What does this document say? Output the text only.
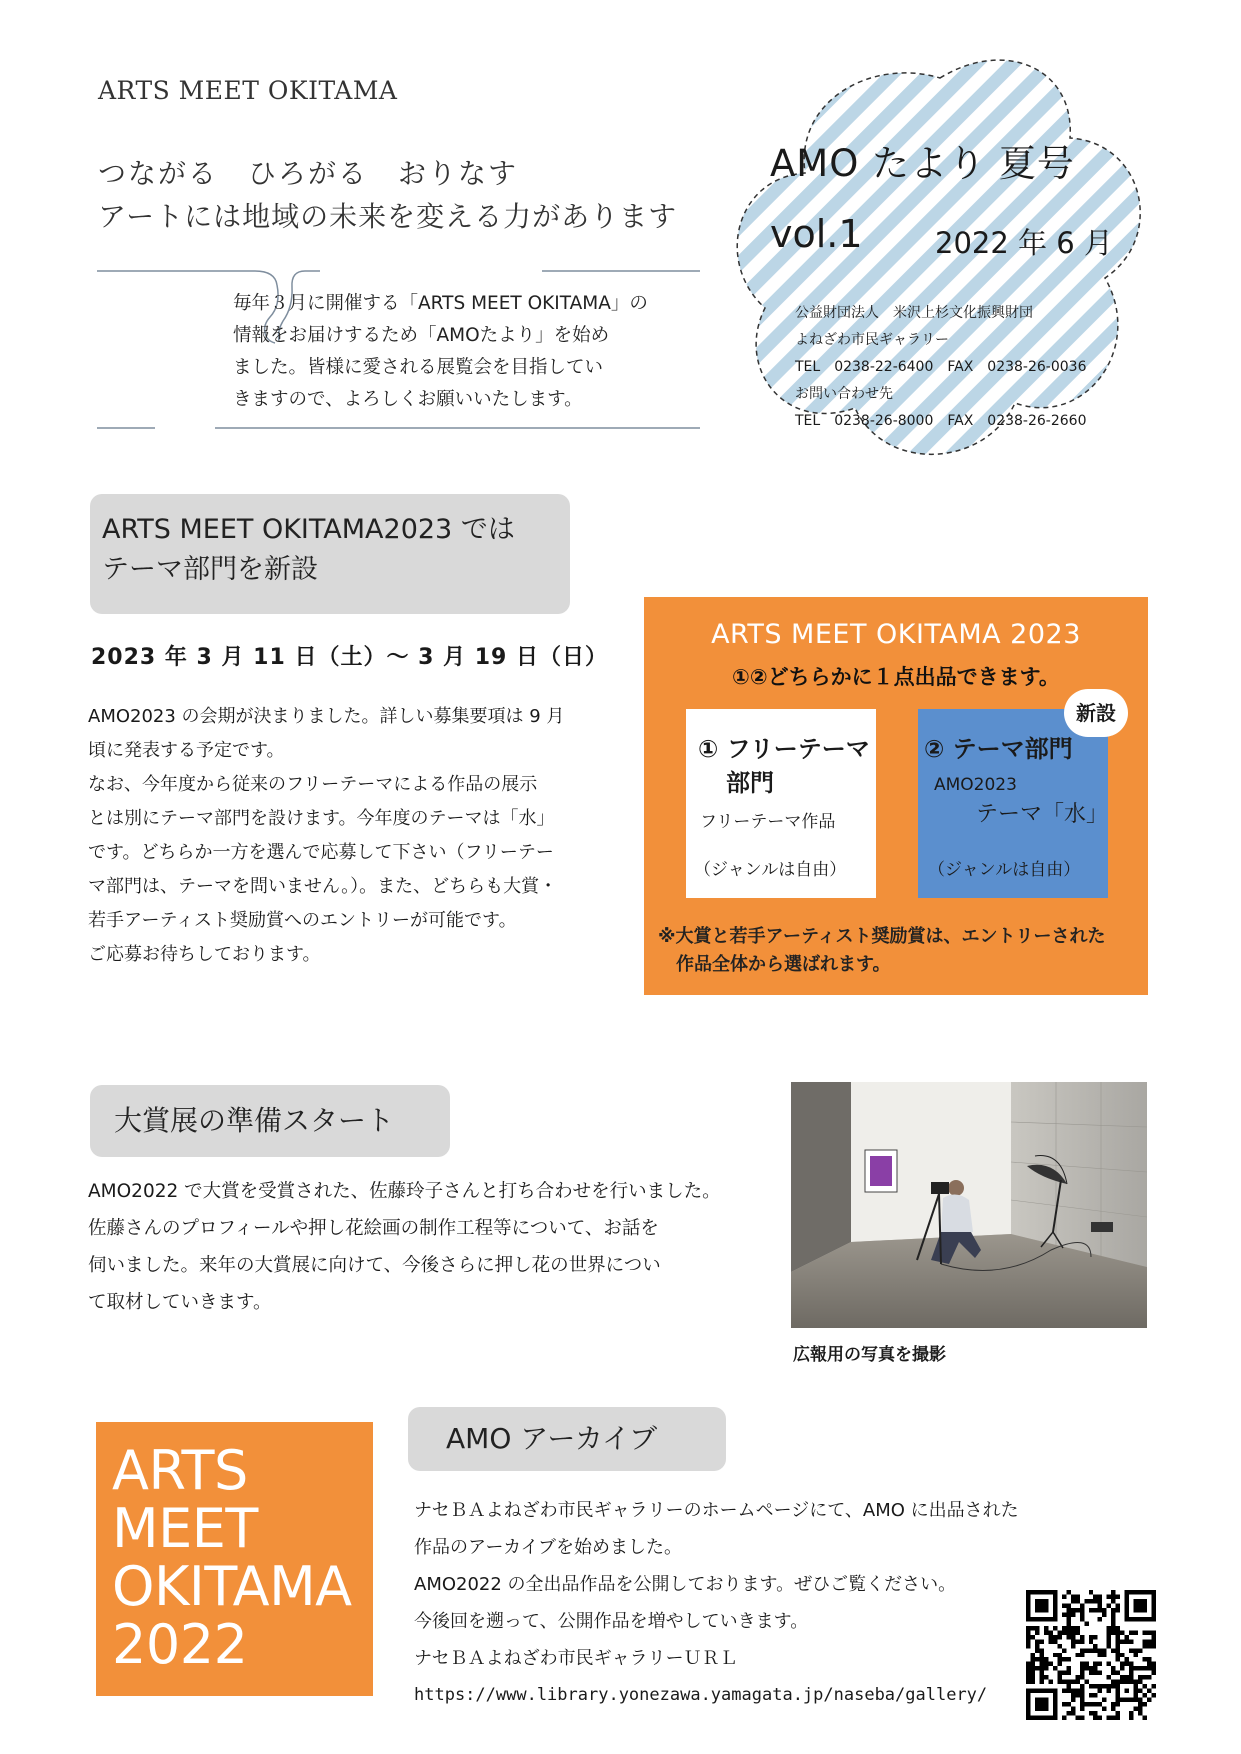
ARTS MEET OKITAMA
つながる　ひろがる　おりなす
アートには地域の未来を変える力があります
毎年３月に開催する「ARTS MEET OKITAMA」の
情報をお届けするため「AMOたより」を始め
ました。皆様に愛される展覧会を目指してい
きますので、よろしくお願いいたします。
AMO たより 夏号
vol.1 2022 年 6 月
公益財団法人　米沢上杉文化振興財団
よねざわ市民ギャラリー
TEL　0238-22-6400　FAX　0238-26-0036
お問い合わせ先
TEL　0238-26-8000　FAX　0238-26-2660
ARTS MEET OKITAMA2023 では
テーマ部門を新設
2023 年 3 月 11 日（土）～ 3 月 19 日（日）
AMO2023 の会期が決まりました。詳しい募集要項は 9 月
頃に発表する予定です。
なお、今年度から従来のフリーテーマによる作品の展示
とは別にテーマ部門を設けます。今年度のテーマは「水」
です。どちらか一方を選んで応募して下さい（フリーテー
マ部門は、テーマを問いません。）。また、どちらも大賞・
若手アーティスト奨励賞へのエントリーが可能です。
ご応募お待ちしております。
ARTS MEET OKITAMA 2023
①②どちらかに１点出品できます。
① フリーテーマ
部門
フリーテーマ作品
（ジャンルは自由）
② テーマ部門
AMO2023
テーマ「水」
（ジャンルは自由）
新設
※大賞と若手アーティスト奨励賞は、エントリーされた
作品全体から選ばれます。
大賞展の準備スタート
AMO2022 で大賞を受賞された、佐藤玲子さんと打ち合わせを行いました。
佐藤さんのプロフィールや押し花絵画の制作工程等について、お話を
伺いました。来年の大賞展に向けて、今後さらに押し花の世界につい
て取材していきます。
広報用の写真を撮影
ARTS
MEET
OKITAMA
2022
AMO アーカイブ
ナセＢＡよねざわ市民ギャラリーのホームページにて、AMO に出品された
作品のアーカイブを始めました。
AMO2022 の全出品作品を公開しております。ぜひご覧ください。
今後回を遡って、公開作品を増やしていきます。
ナセＢＡよねざわ市民ギャラリーＵＲＬ
https://www.library.yonezawa.yamagata.jp/naseba/gallery/
